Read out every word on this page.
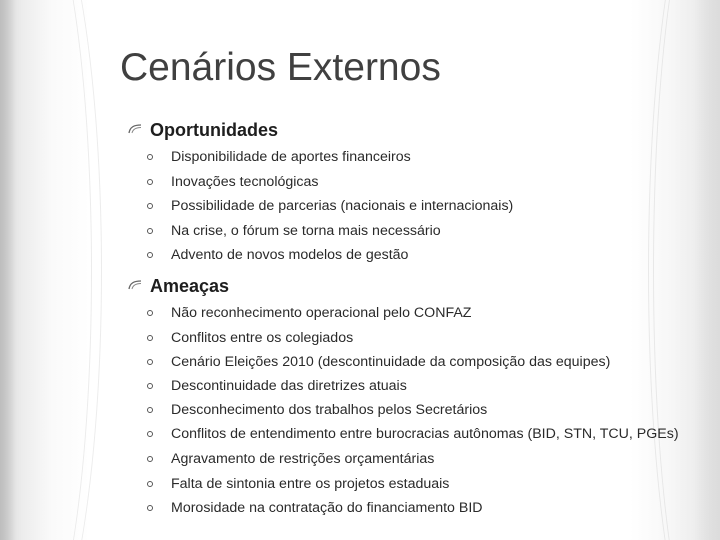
Cenários Externos
Oportunidades
Disponibilidade de aportes financeiros
Inovações tecnológicas
Possibilidade de parcerias (nacionais e internacionais)
Na crise, o fórum se torna mais necessário
Advento de novos modelos de gestão
Ameaças
Não reconhecimento operacional pelo CONFAZ
Conflitos entre os colegiados
Cenário Eleições 2010 (descontinuidade da composição das equipes)
Descontinuidade das diretrizes atuais
Desconhecimento dos trabalhos pelos Secretários
Conflitos de entendimento entre burocracias autônomas (BID, STN, TCU, PGEs)
Agravamento de restrições orçamentárias
Falta de sintonia entre os projetos estaduais
Morosidade na contratação do financiamento BID
